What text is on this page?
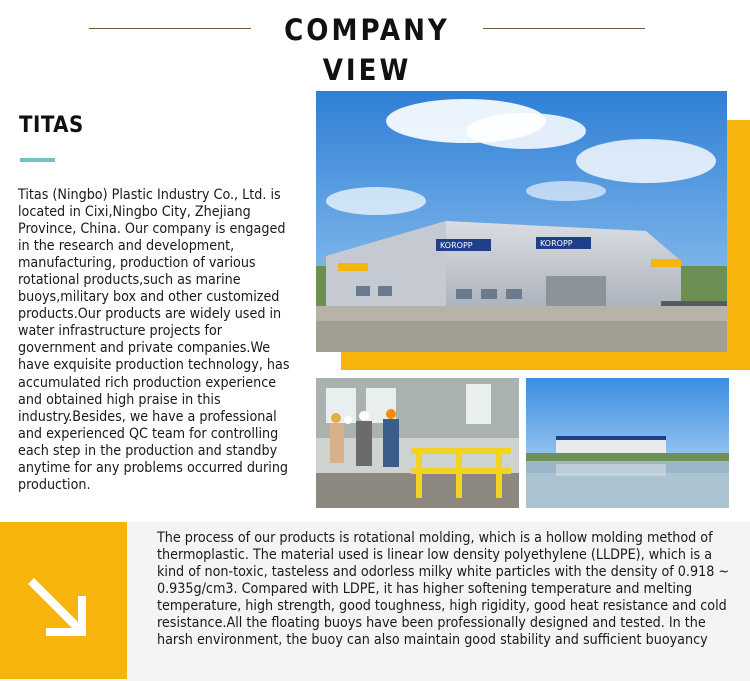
COMPANY VIEW
TITAS
Titas (Ningbo) Plastic Industry Co., Ltd. is located in Cixi,Ningbo City, Zhejiang Province, China. Our company is engaged in the research and development, manufacturing, production of various rotational products,such as marine buoys,military box and other customized products.Our products are widely used in water infrastructure projects for government and private companies.We have exquisite production technology, has accumulated rich production experience and obtained high praise in this industry.Besides, we have a professional and experienced QC team for controlling each step in the production and standby anytime for any problems occurred during production.
KOROPP	KOROPP
The process of our products is rotational molding, which is a hollow molding method of thermoplastic. The material used is linear low density polyethylene (LLDPE), which is a kind of non-toxic, tasteless and odorless milky white particles with the density of 0.918 ~ 0.935g/cm3. Compared with LDPE, it has higher softening temperature and melting temperature, high strength, good toughness, high rigidity, good heat resistance and cold resistance.All the floating buoys have been professionally designed and tested. In the harsh environment, the buoy can also maintain good stability and sufficient buoyancy
